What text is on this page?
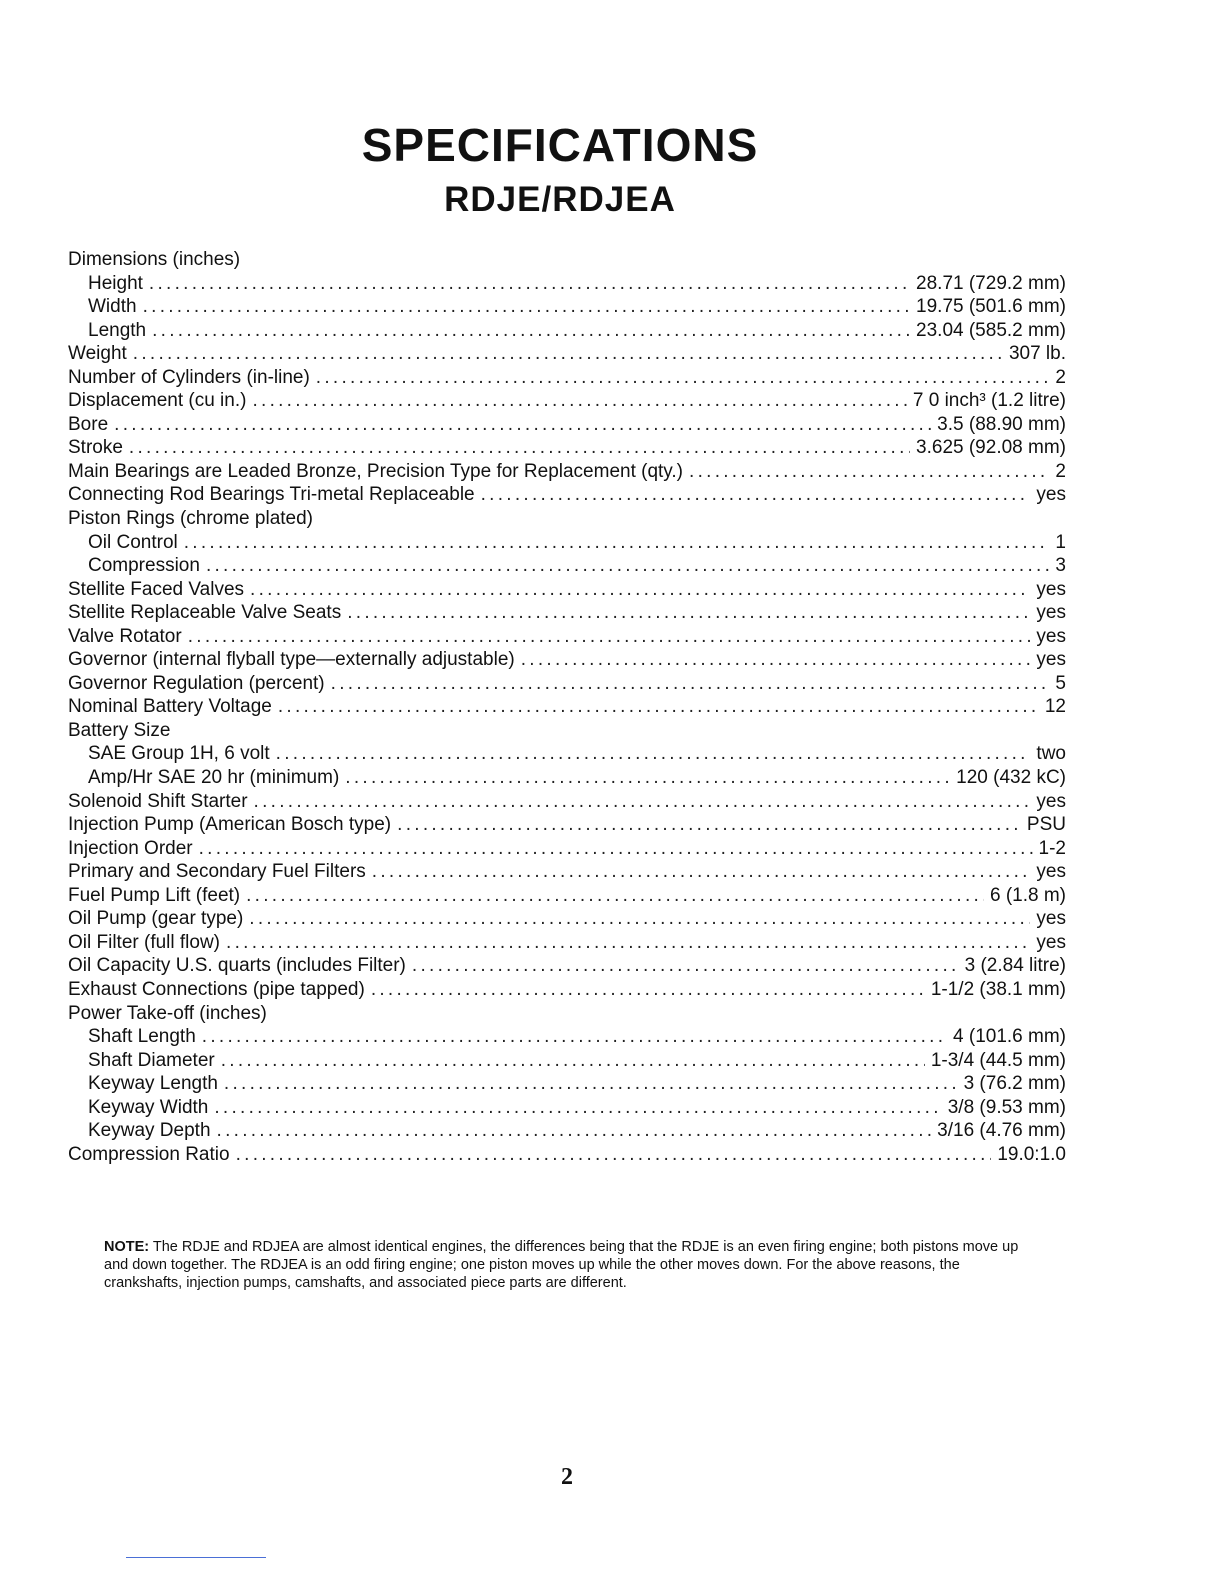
SPECIFICATIONS
RDJE/RDJEA
Dimensions (inches)
Height . . .	28.71 (729.2 mm)
Width . . .	19.75 (501.6 mm)
Length . . .	23.04 (585.2 mm)
Weight . . .	307 lb.
Number of Cylinders (in-line) . . .	2
Displacement (cu in.) . . .	7 0 inch³ (1.2 litre)
Bore . . .	3.5 (88.90 mm)
Stroke . . .	3.625 (92.08 mm)
Main Bearings are Leaded Bronze, Precision Type for Replacement (qty.) . . .	2
Connecting Rod Bearings Tri-metal Replaceable . . .	yes
Piston Rings (chrome plated)
Oil Control . . .	1
Compression . . .	3
Stellite Faced Valves . . .	yes
Stellite Replaceable Valve Seats . . .	yes
Valve Rotator . . .	yes
Governor (internal flyball type—externally adjustable) . . .	yes
Governor Regulation (percent) . . .	5
Nominal Battery Voltage . . .	12
Battery Size
SAE Group 1H, 6 volt . . .	two
Amp/Hr SAE 20 hr (minimum) . . .	120 (432 kC)
Solenoid Shift Starter . . .	yes
Injection Pump (American Bosch type) . . .	PSU
Injection Order . . .	1-2
Primary and Secondary Fuel Filters . . .	yes
Fuel Pump Lift (feet) . . .	6 (1.8 m)
Oil Pump (gear type) . . .	yes
Oil Filter (full flow) . . .	yes
Oil Capacity U.S. quarts (includes Filter) . . .	3 (2.84 litre)
Exhaust Connections (pipe tapped) . . .	1-1/2 (38.1 mm)
Power Take-off (inches)
Shaft Length . . .	4 (101.6 mm)
Shaft Diameter . . .	1-3/4 (44.5 mm)
Keyway Length . . .	3 (76.2 mm)
Keyway Width . . .	3/8 (9.53 mm)
Keyway Depth . . .	3/16 (4.76 mm)
Compression Ratio . . .	19.0:1.0
NOTE: The RDJE and RDJEA are almost identical engines, the differences being that the RDJE is an even firing engine; both pistons move up and down together. The RDJEA is an odd firing engine; one piston moves up while the other moves down. For the above reasons, the crankshafts, injection pumps, camshafts, and associated piece parts are different.
2
